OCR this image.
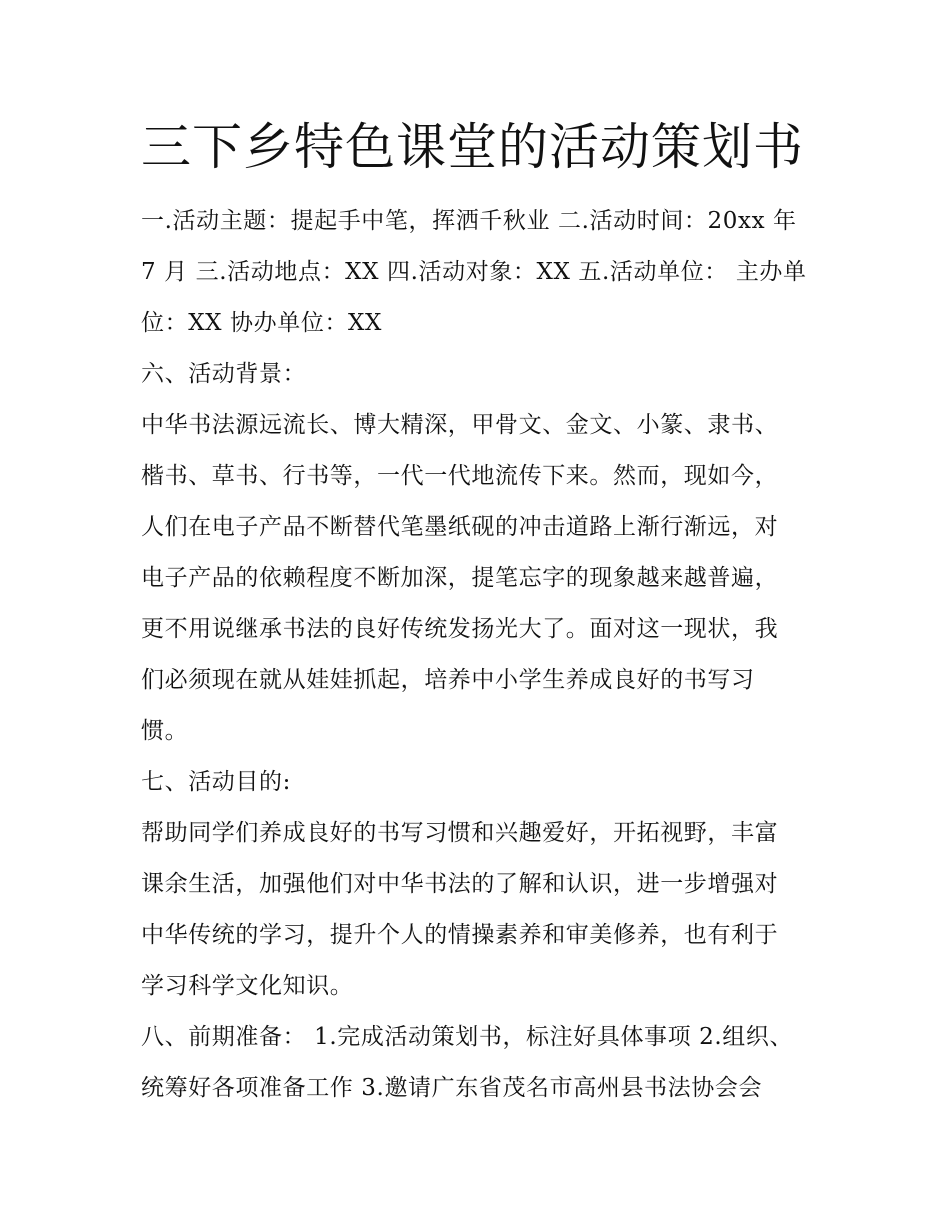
三下乡特色课堂的活动策划书
一.活动主题：提起手中笔，挥洒千秋业 二.活动时间：20xx 年
7 月 三.活动地点：XX 四.活动对象：XX 五.活动单位： 主办单
位：XX 协办单位：XX
六、活动背景：
中华书法源远流长、博大精深，甲骨文、金文、小篆、隶书、
楷书、草书、行书等，一代一代地流传下来。然而，现如今，
人们在电子产品不断替代笔墨纸砚的冲击道路上渐行渐远，对
电子产品的依赖程度不断加深，提笔忘字的现象越来越普遍，
更不用说继承书法的良好传统发扬光大了。面对这一现状，我
们必须现在就从娃娃抓起，培养中小学生养成良好的书写习
惯。
七、活动目的:
帮助同学们养成良好的书写习惯和兴趣爱好，开拓视野，丰富
课余生活，加强他们对中华书法的了解和认识，进一步增强对
中华传统的学习，提升个人的情操素养和审美修养，也有利于
学习科学文化知识。
八、前期准备： 1.完成活动策划书，标注好具体事项 2.组织、
统筹好各项准备工作 3.邀请广东省茂名市高州县书法协会会
